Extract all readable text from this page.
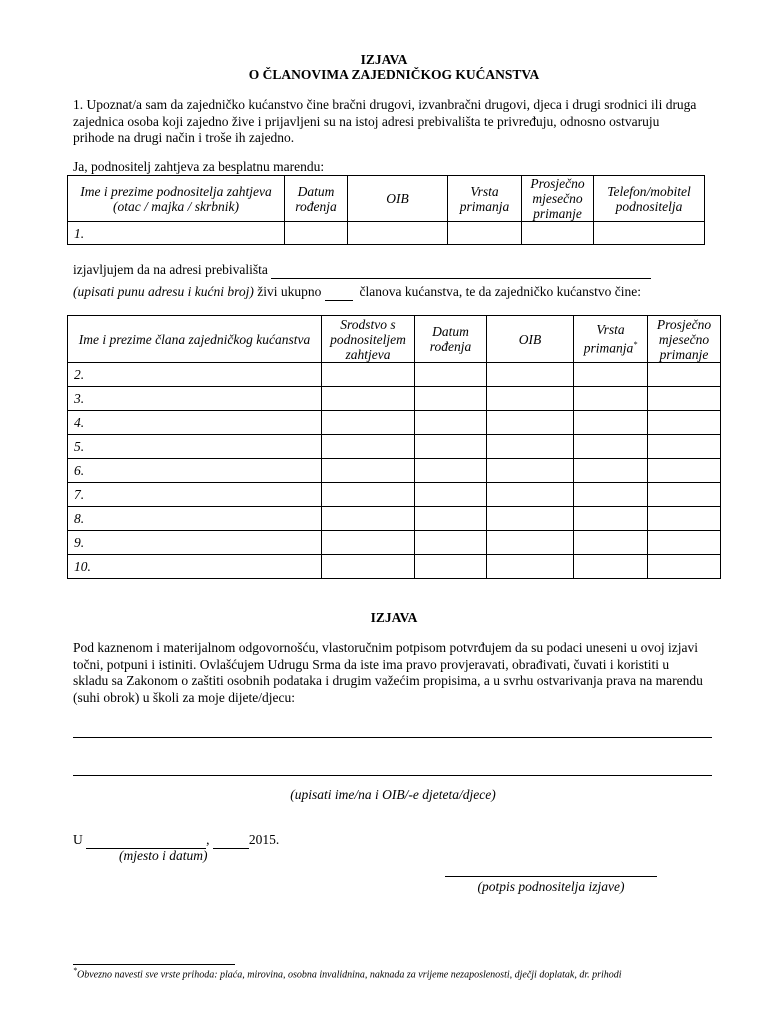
IZJAVA
O ČLANOVIMA ZAJEDNIČKOG KUĆANSTVA
1. Upoznat/a sam da zajedničko kućanstvo čine bračni drugovi, izvanbračni drugovi, djeca i drugi srodnici ili druga zajednica osoba koji zajedno žive i prijavljeni su na istoj adresi prebivališta te privređuju, odnosno ostvaruju prihode na drugi način i troše ih zajedno.
Ja, podnositelj zahtjeva za besplatnu marendu:
Ime i prezime podnositelja zahtjeva (otac / majka / skrbnik)	Datum rođenja	OIB	Vrsta primanja	Prosječno mjesečno primanje	Telefon/mobitel podnositelja
1.					
izjavljujem da na adresi prebivališta
(upisati punu adresu i kućni broj) živi ukupno	članova kućanstva, te da zajedničko kućanstvo čine:
Ime i prezime člana zajedničkog kućanstva	Srodstvo s podnositeljem zahtjeva	Datum rođenja	OIB	Vrsta primanja*	Prosječno mjesečno primanje
2.					
3.					
4.					
5.					
6.					
7.					
8.					
9.					
10.					
IZJAVA
Pod kaznenom i materijalnom odgovornošću, vlastoručnim potpisom potvrđujem da su podaci uneseni u ovoj izjavi točni, potpuni i istiniti. Ovlašćujem Udrugu Srma da iste ima pravo provjeravati, obrađivati, čuvati i koristiti u skladu sa Zakonom o zaštiti osobnih podataka i drugim važećim propisima, a u svrhu ostvarivanja prava na marendu (suhi obrok) u školi za moje dijete/djecu:
(upisati ime/na i OIB/-e djeteta/djece)
U	,	2015.
(mjesto i datum)
(potpis podnositelja izjave)
*Obvezno navesti sve vrste prihoda: plaća, mirovina, osobna invalidnina, naknada za vrijeme nezaposlenosti, dječji doplatak, dr. prihodi
